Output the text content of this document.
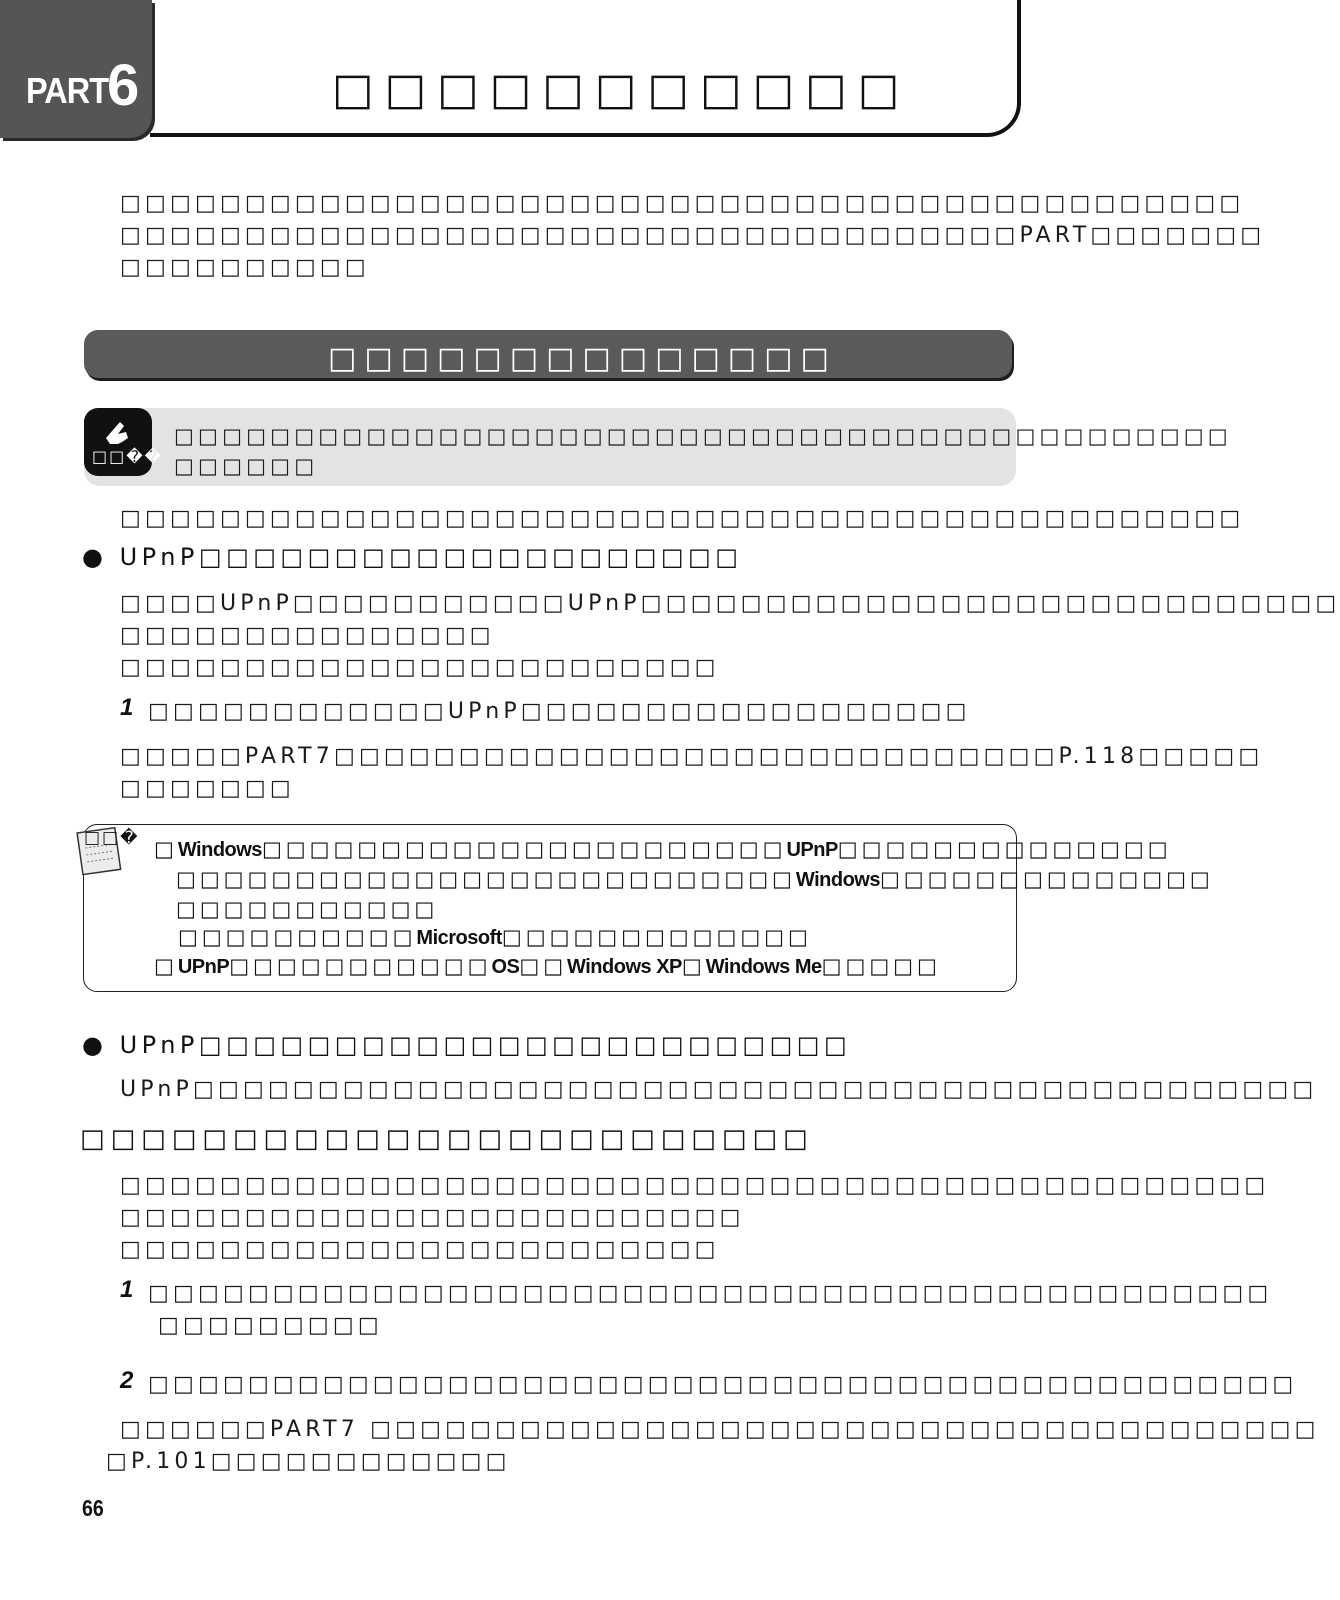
PART
6	□□□□□□□□□□□
□□□□□□□□□□□□□□□□□□□□□□□□□□□□□□□□□□□□□□□□□□□□□
□□□□□□□□□□□□□□□□□□□□□□□□□□□□□□□□□□□□PART□□□□□□□
□□□□□□□□□□
□□□□□□□□□□□□□□
□□��
□□□□□□□□□□□□□□□□□□□□□□□□□□□□□□□□□□□□□□□□□□□□
□□□□□□
□□□□□□□□□□□□□□□□□□□□□□□□□□□□□□□□□□□□□□□□□□□□□
● UPnP□□□□□□□□□□□□□□□□□□□□
□□□□UPnP□□□□□□□□□□□UPnP□□□□□□□□□□□□□□□□□□□□□□□□□□□□
□□□□□□□□□□□□□□□
□□□□□□□□□□□□□□□□□□□□□□□□
1 □□□□□□□□□□□□UPnP□□□□□□□□□□□□□□□□□□
□□□□□PART7□□□□□□□□□□□□□□□□□□□□□□□□□□□□□P.118□□□□□
□□□□□□□
□□� □Windows□□□□□□□□□□□□□□□□□□□□□□UPnP□□□□□□□□□□□□□□
□□□□□□□□□□□□□□□□□□□□□□□□□□Windows□□□□□□□□□□□□□□
□□□□□□□□□□□
□□□□□□□□□□Microsoft□□□□□□□□□□□□□
□UPnP□□□□□□□□□□□OS□□Windows XP□Windows Me□□□□□
● UPnP□□□□□□□□□□□□□□□□□□□□□□□□
UPnP□□□□□□□□□□□□□□□□□□□□□□□□□□□□□□□□□□□□□□□□□□□□□
□□□□□□□□□□□□□□□□□□□□□□□□
□□□□□□□□□□□□□□□□□□□□□□□□□□□□□□□□□□□□□□□□□□□□□□
□□□□□□□□□□□□□□□□□□□□□□□□□
□□□□□□□□□□□□□□□□□□□□□□□□
1 □□□□□□□□□□□□□□□□□□□□□□□□□□□□□□□□□□□□□□□□□□□□□
□□□□□□□□□
2 □□□□□□□□□□□□□□□□□□□□□□□□□□□□□□□□□□□□□□□□□□□□□□
□□□□□□PART7 □□□□□□□□□□□□□□□□□□□□□□□□□□□□□□□□□□□□□□
□P.101□□□□□□□□□□□□
66
